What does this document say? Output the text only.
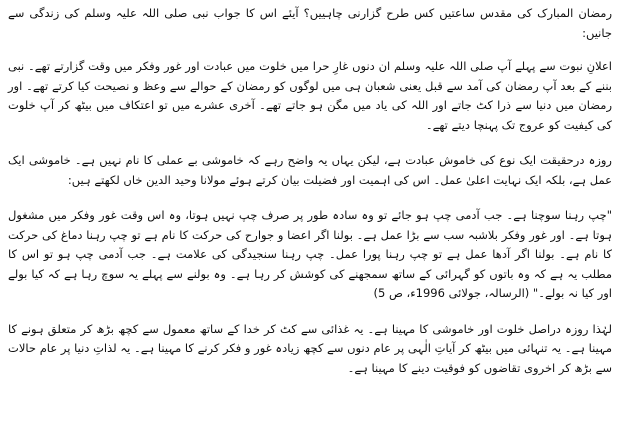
رمضان المبارک کی مقدس ساعتیں کس طرح گزارنی چاہییں؟ آیئے اس کا جواب نبی صلی اللہ علیہ وسلم کی زندگی سے جانیں:

اعلانِ نبوت سے پہلے آپ صلی اللہ علیہ وسلم ان دنوں غارِ حرا میں خلوت میں عبادت اور غور وفکر میں وقت گزارتے تھے۔ نبی بننے کے بعد آپ رمضان کی آمد سے قبل یعنی شعبان ہی میں لوگوں کو رمضان کے حوالے سے وعظ و نصیحت کیا کرتے تھے۔ اور رمضان میں دنیا سے ذرا کٹ جاتے اور اللہ کی یاد میں مگن ہو جاتے تھے۔ آخری عشرے میں تو اعتکاف میں بیٹھ کر آپ خلوت کی کیفیت کو عروج تک پہنچا دیتے تھے۔

روزہ درحقیقت ایک نوع کی خاموش عبادت ہے، لیکن یہاں یہ واضح رہے کہ خاموشی بے عملی کا نام نہیں ہے۔ خاموشی ایک عمل ہے، بلکہ ایک نہایت اعلیٰ عمل۔ اس کی اہمیت اور فضیلت بیان کرتے ہوئے مولانا وحید الدین خاں لکھتے ہیں:

"چپ رہنا سوچنا ہے۔ جب آدمی چپ ہو جائے تو وہ سادہ طور پر صرف چپ نہیں ہوتا، وہ اس وقت غور وفکر میں مشغول ہوتا ہے۔ اور غور وفکر بلاشبہ سب سے بڑا عمل ہے۔ بولنا اگر اعضا و جوارح کی حرکت کا نام ہے تو چپ رہنا دماغ کی حرکت کا نام ہے۔ بولنا اگر آدھا عمل ہے تو چپ رہنا پورا عمل۔ چپ رہنا سنجیدگی کی علامت ہے۔ جب آدمی چپ ہو تو اس کا مطلب یہ ہے کہ وہ باتوں کو گہرائی کے ساتھ سمجھنے کی کوشش کر رہا ہے۔ وہ بولنے سے پہلے یہ سوچ رہا ہے کہ کیا بولے اور کیا نہ بولے۔" (الرسالہ، جولائی 1996ء، ص 5)

لہٰذا روزہ دراصل خلوت اور خاموشی کا مہینا ہے۔ یہ غذائی سے کٹ کر خدا کے ساتھ معمول سے کچھ بڑھ کر متعلق ہونے کا مہینا ہے۔ یہ تنہائی میں بیٹھ کر آیاتِ الٰہی پر عام دنوں سے کچھ زیادہ غور و فکر کرنے کا مہینا ہے۔ یہ لذاتِ دنیا پر عام حالات سے بڑھ کر اخروی تقاضوں کو فوقیت دینے کا مہینا ہے۔
